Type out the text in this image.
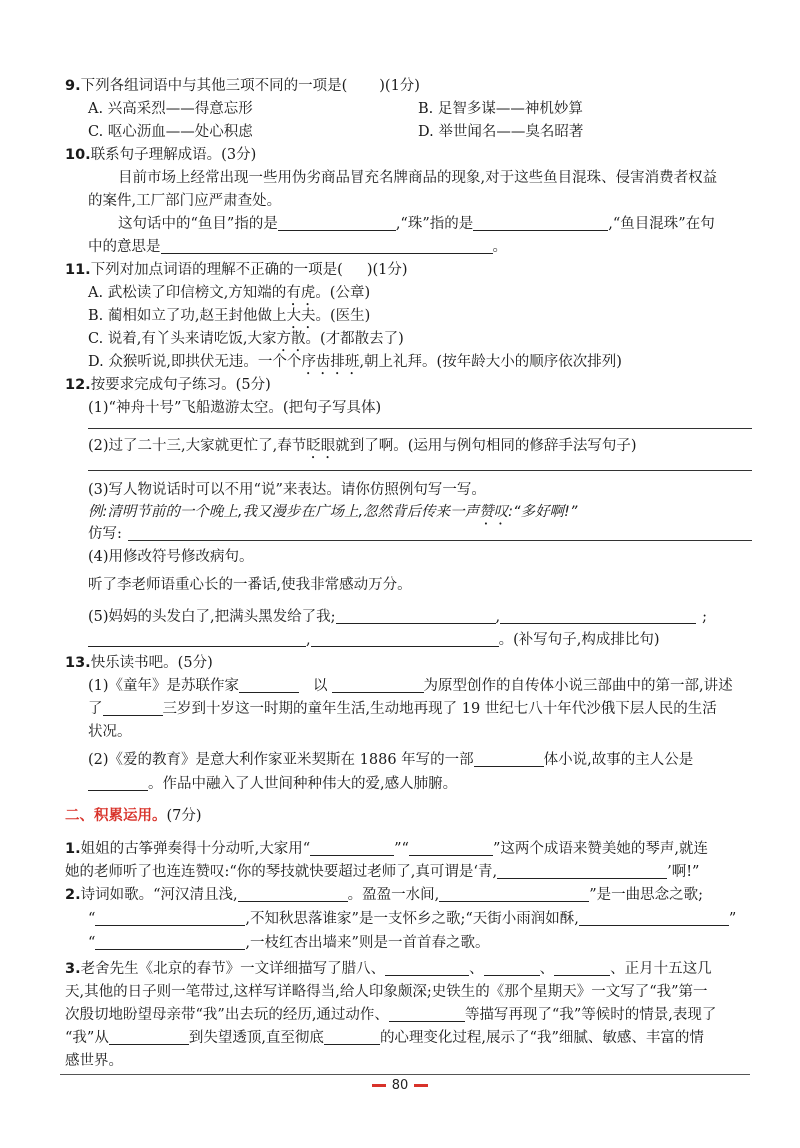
9.下列各组词语中与其他三项不同的一项是( )(1分)
A. 兴高采烈——得意忘形	B. 足智多谋——神机妙算
C. 呕心沥血——处心积虑	D. 举世闻名——臭名昭著
10.联系句子理解成语。(3分)
目前市场上经常出现一些用伪劣商品冒充名牌商品的现象,对于这些鱼目混珠、侵害消费者权益
的案件,工厂部门应严肃查处。
这句话中的“鱼目”指的是	,“珠”指的是	,“鱼目混珠”在句
中的意思是	。
11.下列对加点词语的理解不正确的一项是( )(1分)
A. 武松读了印信榜文,方知端的有虎。(公章)
B. 蔺相如立了功,赵王封他做上大夫。(医生)
C. 说着,有丫头来请吃饭,大家方散。(才都散去了)
D. 众猴听说,即拱伏无违。一个个序齿排班,朝上礼拜。(按年龄大小的顺序依次排列)
12.按要求完成句子练习。(5分)
(1)“神舟十号”飞船遨游太空。(把句子写具体)
(2)过了二十三,大家就更忙了,春节眨眼就到了啊。(运用与例句相同的修辞手法写句子)
(3)写人物说话时可以不用“说”来表达。请你仿照例句写一写。
例:清明节前的一个晚上,我又漫步在广场上,忽然背后传来一声赞叹:“多好啊!”
仿写:
(4)用修改符号修改病句。
听了李老师语重心长的一番话,使我非常感动万分。
(5)妈妈的头发白了,把满头黑发给了我;	,	;
,	。(补写句子,构成排比句)
13.快乐读书吧。(5分)
(1)《童年》是苏联作家	以	为原型创作的自传体小说三部曲中的第一部,讲述
了	三岁到十岁这一时期的童年生活,生动地再现了 19 世纪七八十年代沙俄下层人民的生活
状况。
(2)《爱的教育》是意大利作家亚米契斯在 1886 年写的一部	体小说,故事的主人公是
。作品中融入了人世间种种伟大的爱,感人肺腑。
二、积累运用。(7分)
1.姐姐的古筝弹奏得十分动听,大家用“	”“	”这两个成语来赞美她的琴声,就连
她的老师听了也连连赞叹:“你的琴技就快要超过老师了,真可谓是‘青,	’啊!”
2.诗词如歌。“河汉清且浅,	。盈盈一水间,	”是一曲思念之歌;
“	,不知秋思落谁家”是一支怀乡之歌;“天街小雨润如酥,	”
“	,一枝红杏出墙来”则是一首首春之歌。
3.老舍先生《北京的春节》一文详细描写了腊八、	、	、	、正月十五这几
天,其他的日子则一笔带过,这样写详略得当,给人印象颇深;史铁生的《那个星期天》一文写了“我”第一
次殷切地盼望母亲带“我”出去玩的经历,通过动作、	等描写再现了“我”等候时的情景,表现了
“我”从	到失望透顶,直至彻底	的心理变化过程,展示了“我”细腻、敏感、丰富的情
感世界。
80
